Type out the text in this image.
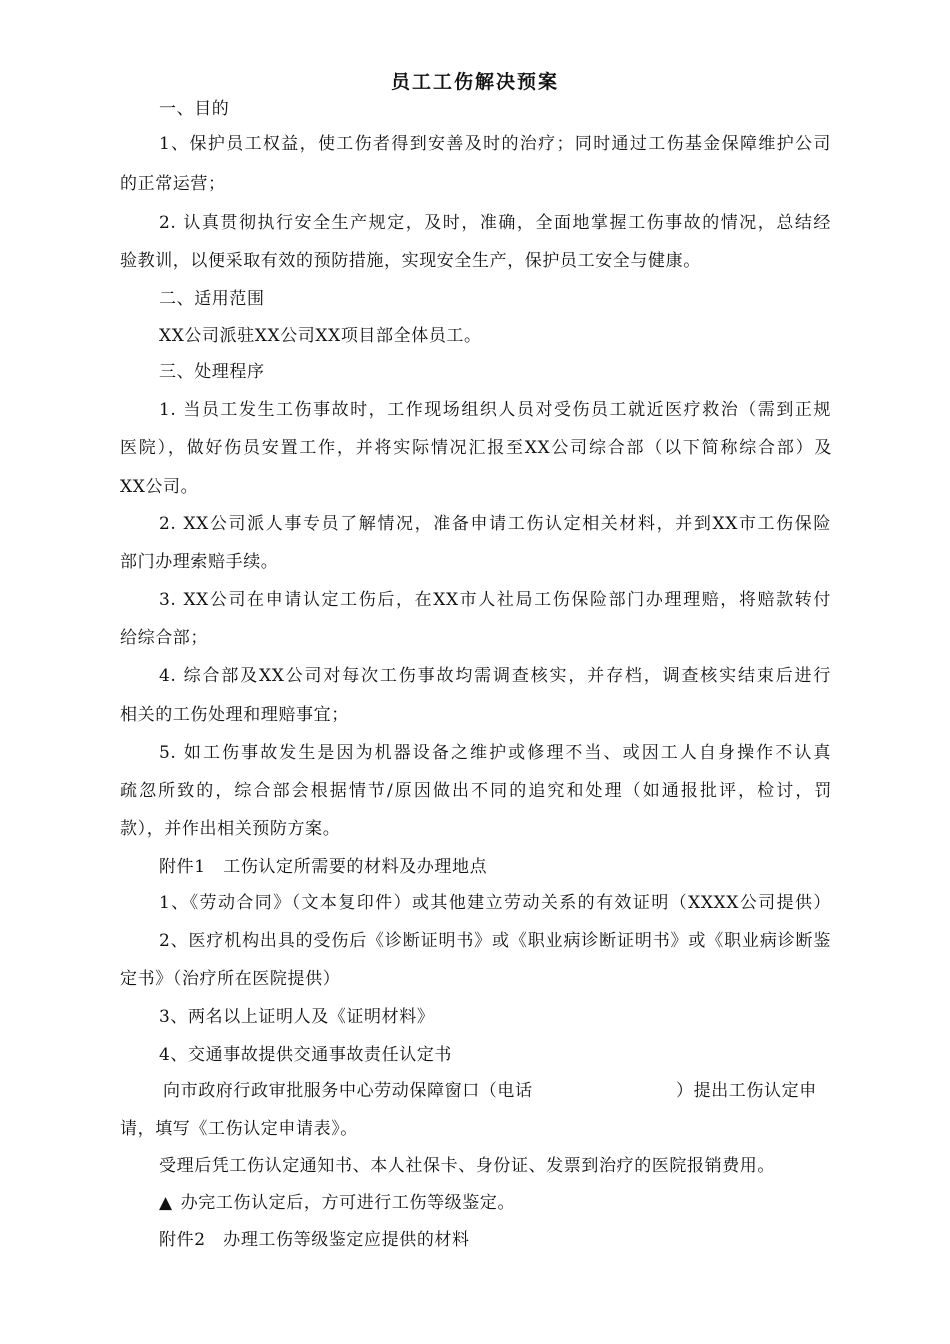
员工工伤解决预案
一、目的
1、保护员工权益，使工伤者得到安善及时的治疗；同时通过工伤基金保障维护公司
的正常运营；
2. 认真贯彻执行安全生产规定，及时，准确，全面地掌握工伤事故的情况，总结经
验教训，以便采取有效的预防措施，实现安全生产，保护员工安全与健康。
二、适用范围
XX公司派驻XX公司XX项目部全体员工。
三、处理程序
1. 当员工发生工伤事故时，工作现场组织人员对受伤员工就近医疗救治（需到正规
医院），做好伤员安置工作，并将实际情况汇报至XX公司综合部（以下简称综合部）及
XX公司。
2. XX公司派人事专员了解情况，准备申请工伤认定相关材料，并到XX市工伤保险
部门办理索赔手续。
3. XX公司在申请认定工伤后，在XX市人社局工伤保险部门办理理赔，将赔款转付
给综合部；
4. 综合部及XX公司对每次工伤事故均需调查核实，并存档，调查核实结束后进行
相关的工伤处理和理赔事宜；
5. 如工伤事故发生是因为机器设备之维护或修理不当、或因工人自身操作不认真
疏忽所致的，综合部会根据情节/原因做出不同的追究和处理（如通报批评，检讨，罚
款），并作出相关预防方案。
附件1　工伤认定所需要的材料及办理地点
1、《劳动合同》（文本复印件）或其他建立劳动关系的有效证明（XXXX公司提供）
2、医疗机构出具的受伤后《诊断证明书》或《职业病诊断证明书》或《职业病诊断鉴
定书》（治疗所在医院提供）
3、两名以上证明人及《证明材料》
4、交通事故提供交通事故责任认定书
向市政府行政审批服务中心劳动保障窗口（电话	）提出工伤认定申
请，填写《工伤认定申请表》。
受理后凭工伤认定通知书、本人社保卡、身份证、发票到治疗的医院报销费用。
▲ 办完工伤认定后，方可进行工伤等级鉴定。
附件2　办理工伤等级鉴定应提供的材料
